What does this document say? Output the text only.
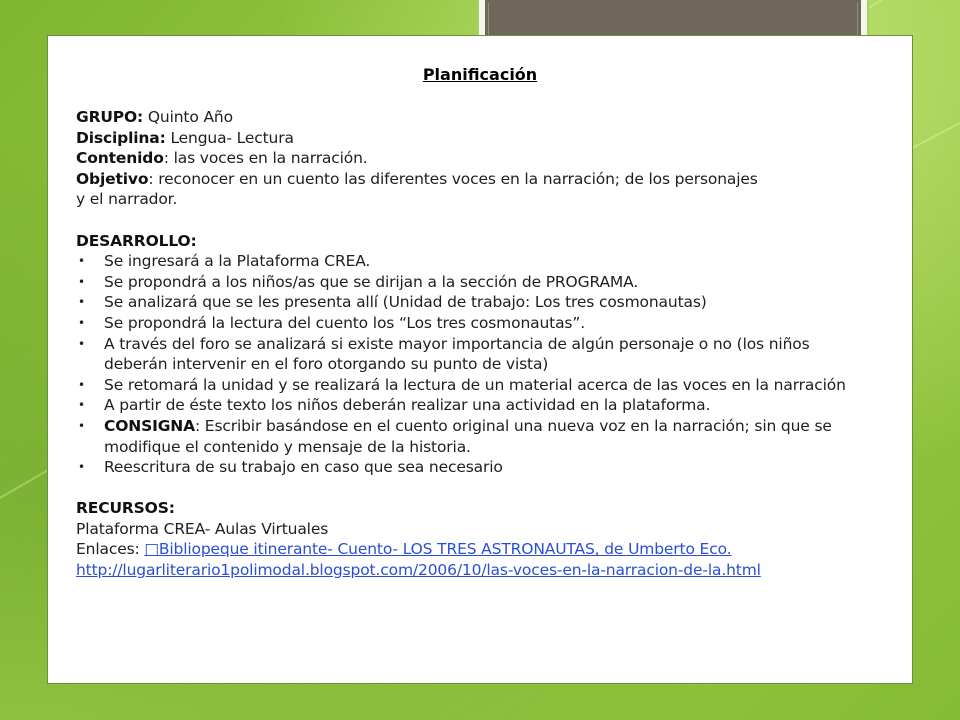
Planificación
GRUPO: Quinto Año
Disciplina: Lengua- Lectura
Contenido: las voces en la narración.
Objetivo: reconocer en un cuento las diferentes voces en la narración; de los personajes y el narrador.
DESARROLLO:
• Se ingresará a la Plataforma CREA.
• Se propondrá a los niños/as que se dirijan a la sección de PROGRAMA.
• Se analizará que se les presenta allí (Unidad de trabajo: Los tres cosmonautas)
• Se propondrá la lectura del cuento los “Los tres cosmonautas”.
• A través del foro se analizará si existe mayor importancia de algún personaje o no (los niños deberán intervenir en el foro otorgando su punto de vista)
• Se retomará la unidad y se realizará la lectura de un material acerca de las voces en la narración
• A partir de éste texto los niños deberán realizar una actividad en la plataforma.
• CONSIGNA: Escribir basándose en el cuento original una nueva voz en la narración; sin que se modifique el contenido y mensaje de la historia.
• Reescritura de su trabajo en caso que sea necesario
RECURSOS:
Plataforma CREA- Aulas Virtuales
Enlaces: □Bibliopeque itinerante- Cuento- LOS TRES ASTRONAUTAS, de Umberto Eco.
http://lugarliterario1polimodal.blogspot.com/2006/10/las-voces-en-la-narracion-de-la.html
